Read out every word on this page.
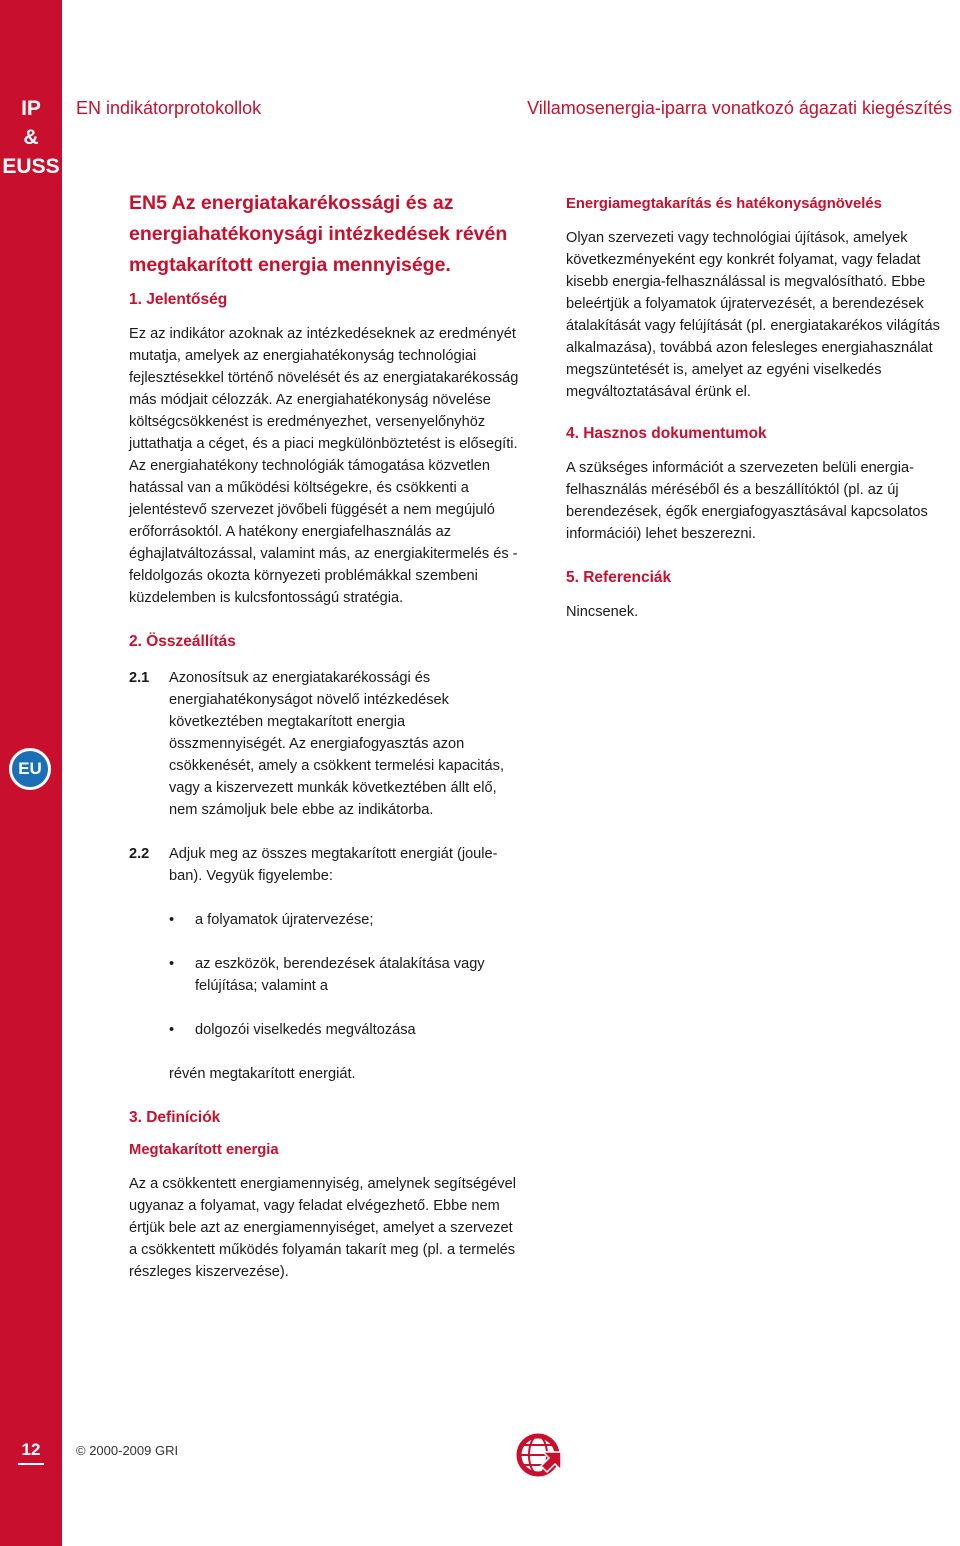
IP
&
EUSS
EU
12
EN indikátorprotokollok	Villamosenergia-iparra vonatkozó ágazati kiegészítés
EN5 Az energiatakarékossági és az energiahatékonysági intézkedések révén megtakarított energia mennyisége.
1. Jelentőség

Ez az indikátor azoknak az intézkedéseknek az eredményét mutatja, amelyek az energiahatékonyság technológiai fejlesztésekkel történő növelését és az energiatakarékosság más módjait célozzák. Az energiahatékonyság növelése költségcsökkenést is eredményezhet, versenyelőnyhöz juttathatja a céget, és a piaci megkülönböztetést is elősegíti. Az energiahatékony technológiák támogatása közvetlen hatással van a működési költségekre, és csökkenti a jelentéstevő szervezet jövőbeli függését a nem megújuló erőforrásoktól. A hatékony energiafelhasználás az éghajlatváltozással, valamint más, az energiakitermelés és -feldolgozás okozta környezeti problémákkal szembeni küzdelemben is kulcsfontosságú stratégia.

2. Összeállítás
2.1 Azonosítsuk az energiatakarékossági és energiahatékonyságot növelő intézkedések következtében megtakarított energia összmennyiségét. Az energiafogyasztás azon csökkenését, amely a csökkent termelési kapacitás, vagy a kiszervezett munkák következtében állt elő, nem számoljuk bele ebbe az indikátorba.

2.2 Adjuk meg az összes megtakarított energiát (joule-ban). Vegyük figyelembe:

• a folyamatok újratervezése;
• az eszközök, berendezések átalakítása vagy felújítása; valamint a
• dolgozói viselkedés megváltozása

révén megtakarított energiát.

3. Definíciók
Megtakarított energia

Az a csökkentett energiamennyiség, amelynek segítségével ugyanaz a folyamat, vagy feladat elvégezhető. Ebbe nem értjük bele azt az energiamennyiséget, amelyet a szervezet a csökkentett működés folyamán takarít meg (pl. a termelés részleges kiszervezése).

Energiamegtakarítás és hatékonyságnövelés

Olyan szervezeti vagy technológiai újítások, amelyek következményeként egy konkrét folyamat, vagy feladat kisebb energia-felhasználással is megvalósítható. Ebbe beleértjük a folyamatok újratervezését, a berendezések átalakítását vagy felújítását (pl. energiatakarékos világítás alkalmazása), továbbá azon felesleges energiahasználat megszüntetését is, amelyet az egyéni viselkedés megváltoztatásával érünk el.

4. Hasznos dokumentumok

A szükséges információt a szervezeten belüli energia-felhasználás méréséből és a beszállítóktól (pl. az új berendezések, égők energiafogyasztásával kapcsolatos információi) lehet beszerezni.

5. Referenciák

Nincsenek.

© 2000-2009 GRI
